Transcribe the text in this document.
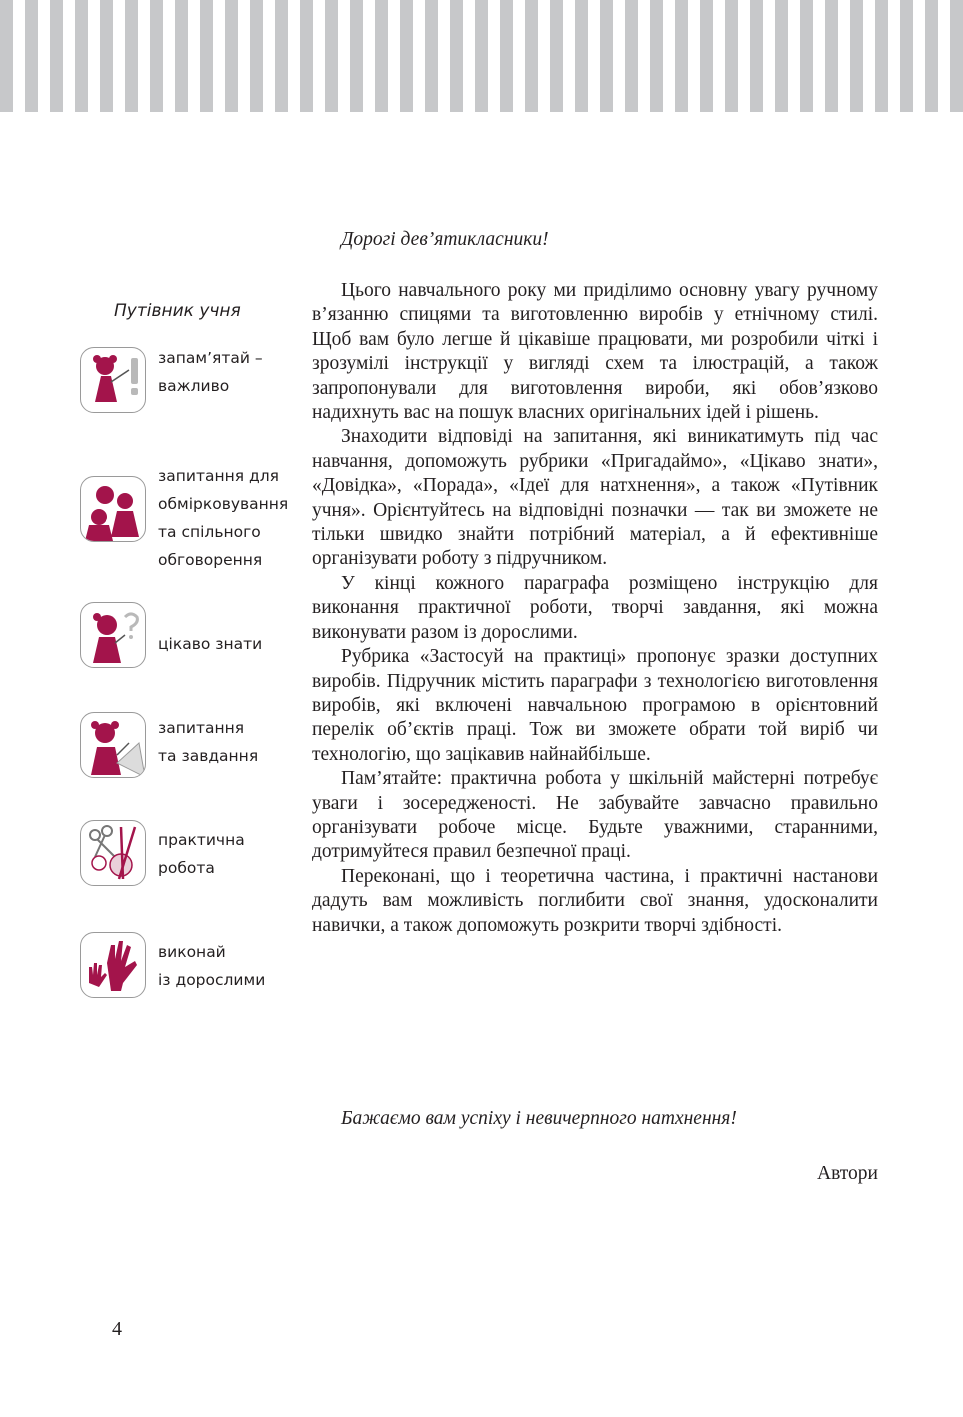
Путівник учня
запам’ятай –
важливо
запитання для
обмірковування
та спільного
обговорення
цікаво знати
запитання
та завдання
практична
робота
виконай
із дорослими
Дорогі дев’ятикласники!

Цього навчального року ми приділимо основну увагу ручному в’язанню спицями та виготовленню виробів у етнічному стилі. Щоб вам було легше й цікавіше працювати, ми розробили чіткі і зрозумілі інструкції у вигляді схем та ілюстрацій, а також запропонували для виготовлення вироби, які обов’язково надихнуть вас на пошук власних оригінальних ідей і рішень.

Знаходити відповіді на запитання, які виникатимуть під час навчання, допоможуть рубрики «Пригадаймо», «Цікаво знати», «Довідка», «Порада», «Ідеї для натхнення», а також «Путівник учня». Орієнтуйтесь на відповідні позначки — так ви зможете не тільки швидко знайти потрібний матеріал, а й ефективніше організувати роботу з підручником.

У кінці кожного параграфа розміщено інструкцію для виконання практичної роботи, творчі завдання, які можна виконувати разом із дорослими.

Рубрика «Застосуй на практиці» пропонує зразки доступних виробів. Підручник містить параграфи з технологією виготовлення виробів, які включені навчальною програмою в орієнтовний перелік об’єктів праці. Тож ви зможете обрати той виріб чи технологію, що зацікавив найнайбільше.

Пам’ятайте: практична робота у шкільній майстерні потребує уваги і зосередженості. Не забувайте завчасно правильно організувати робоче місце. Будьте уважними, старанними, дотримуйтеся правил безпечної праці.

Переконані, що і теоретична частина, і практичні настанови дадуть вам можливість поглибити свої знання, удосконалити навички, а також допоможуть розкрити творчі здібності.

Бажаємо вам успіху і невичерпного натхнення!
Автори
4
